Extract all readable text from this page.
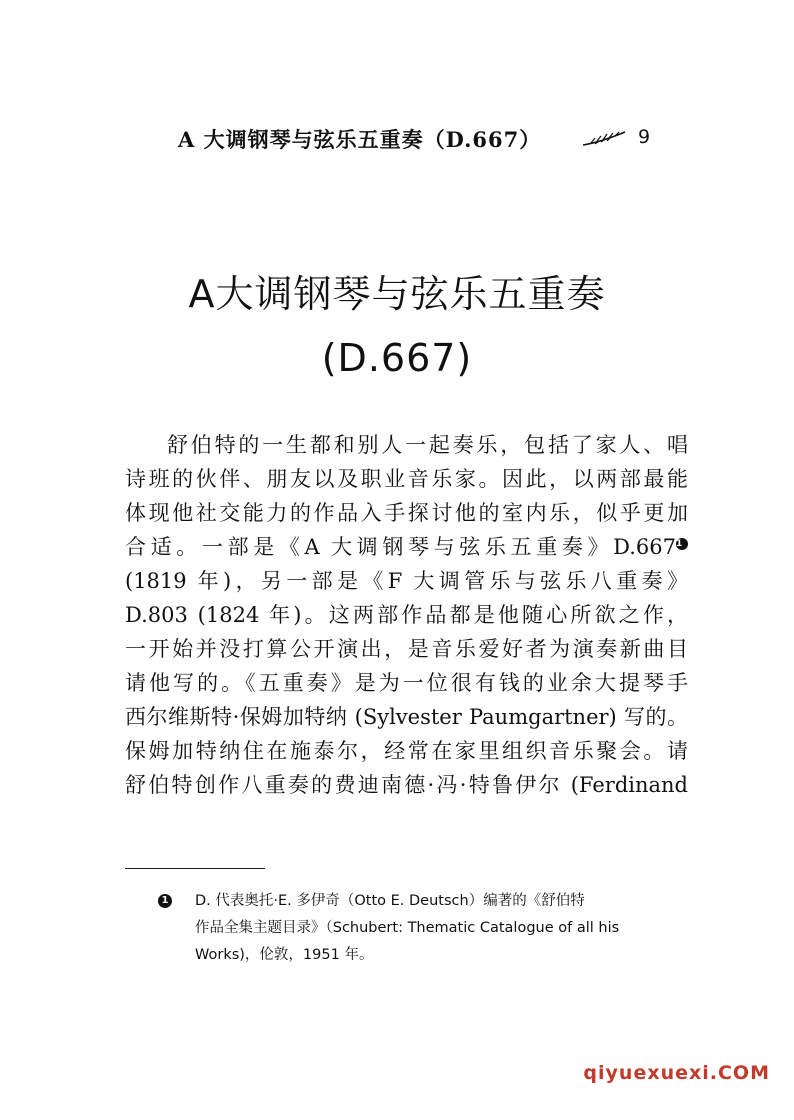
A 大调钢琴与弦乐五重奏（D.667）	9
A大调钢琴与弦乐五重奏
(D.667)
舒伯特的一生都和别人一起奏乐，包括了家人、唱
诗班的伙伴、朋友以及职业音乐家。因此，以两部最能
体现他社交能力的作品入手探讨他的室内乐，似乎更加
合适。一部是《A 大调钢琴与弦乐五重奏》D.6671
(1819 年)，另一部是《F 大调管乐与弦乐八重奏》
D.803 (1824 年)。这两部作品都是他随心所欲之作，
一开始并没打算公开演出，是音乐爱好者为演奏新曲目
请他写的。《五重奏》是为一位很有钱的业余大提琴手
西尔维斯特·保姆加特纳 (Sylvester Paumgartner) 写的。
保姆加特纳住在施泰尔，经常在家里组织音乐聚会。请
舒伯特创作八重奏的费迪南德·冯·特鲁伊尔 (Ferdinand
1	D. 代表奥托·E. 多伊奇（Otto E. Deutsch）编著的《舒伯特
作品全集主题目录》（Schubert: Thematic Catalogue of all his
Works)，伦敦，1951 年。
qiyuexuexi.COM
